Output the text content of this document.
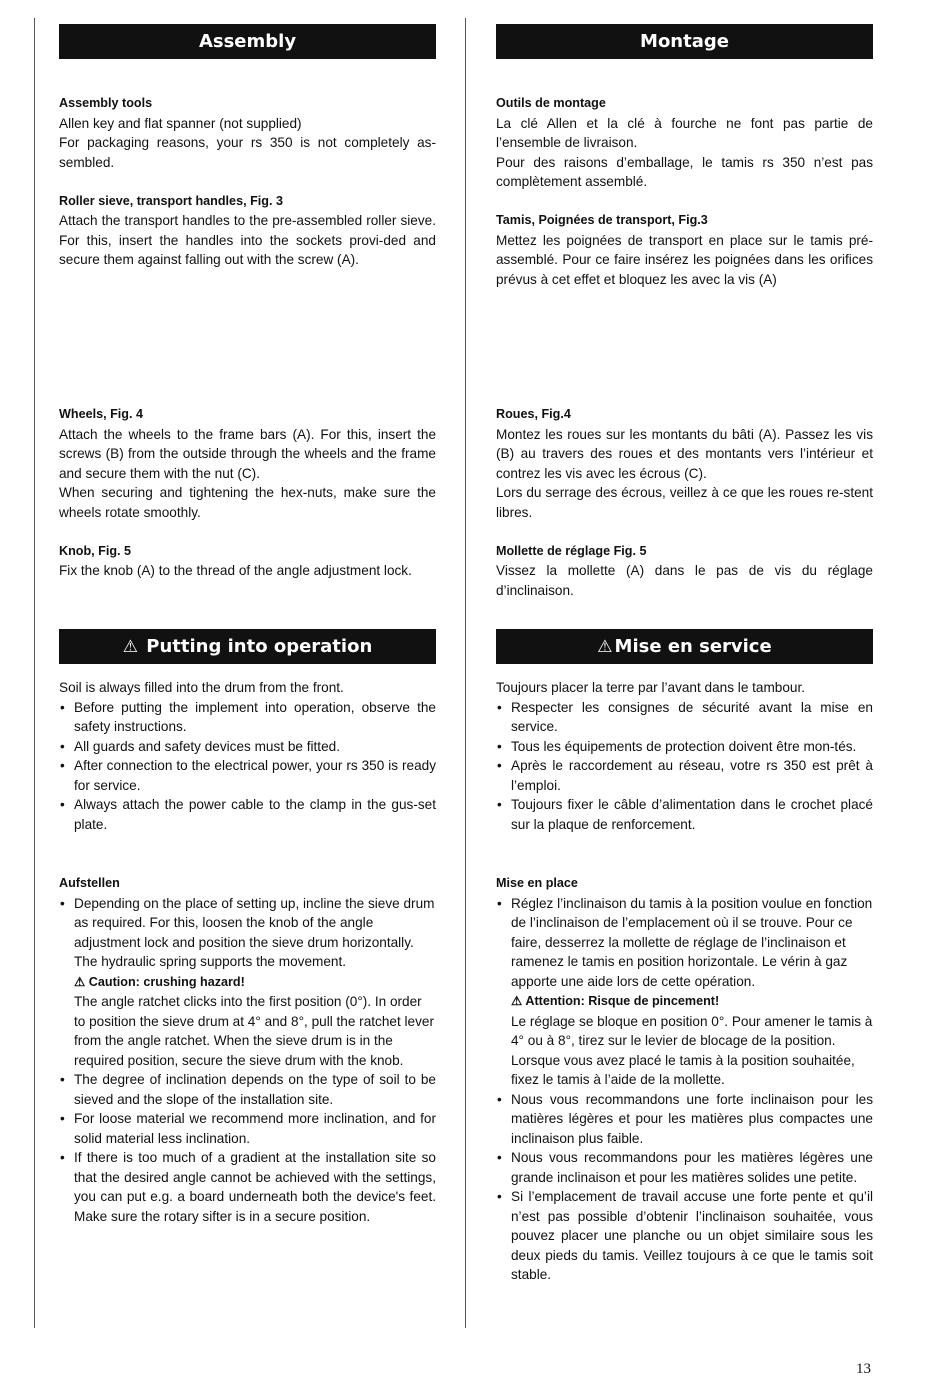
Assembly

Assembly tools

Allen key and flat spanner (not supplied)

For packaging reasons, your rs 350 is not completely as-sembled.

Roller sieve, transport handles, Fig. 3

Attach the transport handles to the pre-assembled roller sieve. For this, insert the handles into the sockets provi-ded and secure them against falling out with the screw (A).

Wheels, Fig. 4

Attach the wheels to the frame bars (A). For this, insert the screws (B) from the outside through the wheels and the frame and secure them with the nut (C).

When securing and tightening the hex-nuts, make sure the wheels rotate smoothly.

Knob, Fig. 5

Fix the knob (A) to the thread of the angle adjustment lock.

⚠ Putting into operation

Soil is always filled into the drum from the front.

• Before putting the implement into operation, observe the safety instructions.
• All guards and safety devices must be fitted.
• After connection to the electrical power, your rs 350 is ready for service.
• Always attach the power cable to the clamp in the gus-set plate.

Aufstellen

• Depending on the place of setting up, incline the sieve drum as required. For this, loosen the knob of the angle adjustment lock and position the sieve drum horizontally. The hydraulic spring supports the movement.
⚠ Caution: crushing hazard!
The angle ratchet clicks into the first position (0°). In order to position the sieve drum at 4° and 8°, pull the ratchet lever from the angle ratchet. When the sieve drum is in the required position, secure the sieve drum with the knob.
• The degree of inclination depends on the type of soil to be sieved and the slope of the installation site.
• For loose material we recommend more inclination, and for solid material less inclination.
• If there is too much of a gradient at the installation site so that the desired angle cannot be achieved with the settings, you can put e.g. a board underneath both the device's feet. Make sure the rotary sifter is in a secure position.
Montage

Outils de montage

La clé Allen et la clé à fourche ne font pas partie de l’ensemble de livraison.

Pour des raisons d’emballage, le tamis rs 350 n’est pas complètement assemblé.

Tamis, Poignées de transport, Fig.3

Mettez les poignées de transport en place sur le tamis pré-assemblé. Pour ce faire insérez les poignées dans les orifices prévus à cet effet et bloquez les avec la vis (A)

Roues, Fig.4

Montez les roues sur les montants du bâti (A). Passez les vis (B) au travers des roues et des montants vers l’intérieur et contrez les vis avec les écrous (C).

Lors du serrage des écrous, veillez à ce que les roues re-stent libres.

Mollette de réglage Fig. 5

Vissez la mollette (A) dans le pas de vis du réglage d’inclinaison.

⚠ Mise en service

Toujours placer la terre par l’avant dans le tambour.

• Respecter les consignes de sécurité avant la mise en service.
• Tous les équipements de protection doivent être mon-tés.
• Après le raccordement au réseau, votre rs 350 est prêt à l’emploi.
• Toujours fixer le câble d’alimentation dans le crochet placé sur la plaque de renforcement.

Mise en place

• Réglez l’inclinaison du tamis à la position voulue en fonction de l’inclinaison de l’emplacement où il se trouve. Pour ce faire, desserrez la mollette de réglage de l’inclinaison et ramenez le tamis en position horizontale. Le vérin à gaz apporte une aide lors de cette opération.
⚠ Attention: Risque de pincement!
Le réglage se bloque en position 0°. Pour amener le tamis à 4° ou à 8°, tirez sur le levier de blocage de la position. Lorsque vous avez placé le tamis à la position souhaitée, fixez le tamis à l’aide de la mollette.
• Nous vous recommandons une forte inclinaison pour les matières légères et pour les matières plus compactes une inclinaison plus faible.
• Nous vous recommandons pour les matières légères une grande inclinaison et pour les matières solides une petite.
• Si l’emplacement de travail accuse une forte pente et qu’il n’est pas possible d’obtenir l’inclinaison souhaitée, vous pouvez placer une planche ou un objet similaire sous les deux pieds du tamis. Veillez toujours à ce que le tamis soit stable.
13
